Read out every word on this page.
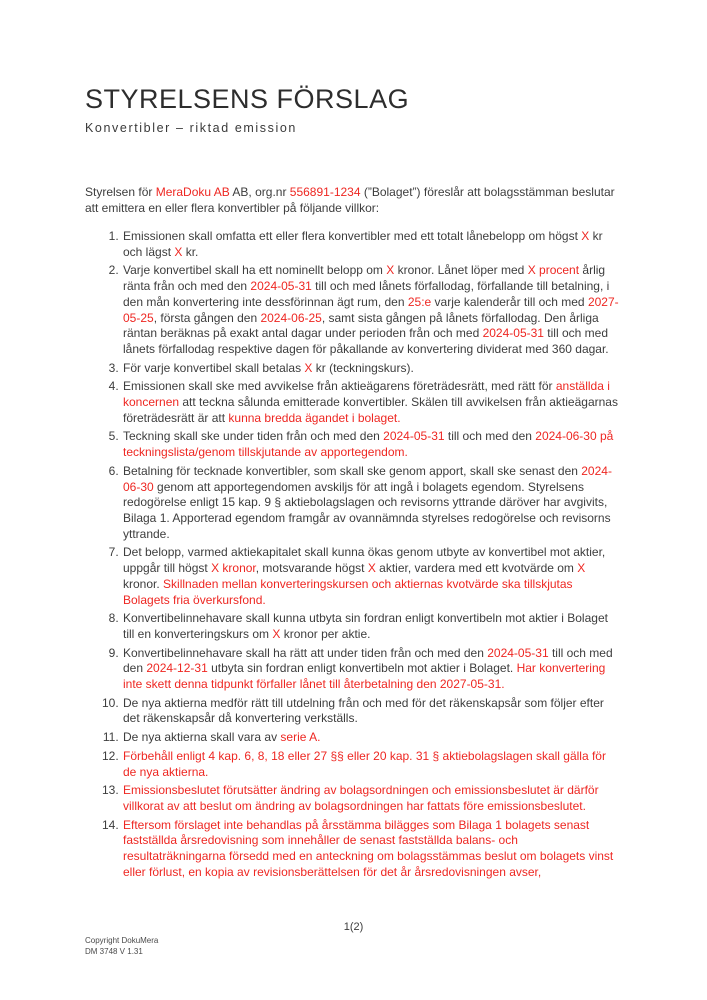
STYRELSENS FÖRSLAG
Konvertibler – riktad emission

Styrelsen för MeraDoku AB AB, org.nr 556891-1234 (”Bolaget”) föreslår att bolagsstämman beslutar att emittera en eller flera konvertibler på följande villkor:

1. Emissionen skall omfatta ett eller flera konvertibler med ett totalt lånebelopp om högst X kr och lägst X kr.
2. Varje konvertibel skall ha ett nominellt belopp om X kronor. Lånet löper med X procent årlig ränta från och med den 2024-05-31 till och med lånets förfallodag, förfallande till betalning, i den mån konvertering inte dessförinnan ägt rum, den 25:e varje kalenderår till och med 2027-05-25, första gången den 2024-06-25, samt sista gången på lånets förfallodag. Den årliga räntan beräknas på exakt antal dagar under perioden från och med 2024-05-31 till och med lånets förfallodag respektive dagen för påkallande av konvertering dividerat med 360 dagar.
3. För varje konvertibel skall betalas X kr (teckningskurs).
4. Emissionen skall ske med avvikelse från aktieägarens företrädesrätt, med rätt för anställda i koncernen att teckna sålunda emitterade konvertibler. Skälen till avvikelsen från aktieägarnas företrädesrätt är att kunna bredda ägandet i bolaget.
5. Teckning skall ske under tiden från och med den 2024-05-31 till och med den 2024-06-30 på teckningslista/genom tillskjutande av apportegendom.
6. Betalning för tecknade konvertibler, som skall ske genom apport, skall ske senast den 2024-06-30 genom att apportegendomen avskiljs för att ingå i bolagets egendom. Styrelsens redogörelse enligt 15 kap. 9 § aktiebolagslagen och revisorns yttrande däröver har avgivits, Bilaga 1. Apporterad egendom framgår av ovannämnda styrelses redogörelse och revisorns yttrande.
7. Det belopp, varmed aktiekapitalet skall kunna ökas genom utbyte av konvertibel mot aktier, uppgår till högst X kronor, motsvarande högst X aktier, vardera med ett kvotvärde om X kronor. Skillnaden mellan konverteringskursen och aktiernas kvotvärde ska tillskjutas Bolagets fria överkursfond.
8. Konvertibelinnehavare skall kunna utbyta sin fordran enligt konvertibeln mot aktier i Bolaget till en konverteringskurs om X kronor per aktie.
9. Konvertibelinnehavare skall ha rätt att under tiden från och med den 2024-05-31 till och med den 2024-12-31 utbyta sin fordran enligt konvertibeln mot aktier i Bolaget. Har konvertering inte skett denna tidpunkt förfaller lånet till återbetalning den 2027-05-31.
10. De nya aktierna medför rätt till utdelning från och med för det räkenskapsår som följer efter det räkenskapsår då konvertering verkställs.
11. De nya aktierna skall vara av serie A.
12. Förbehåll enligt 4 kap. 6, 8, 18 eller 27 §§ eller 20 kap. 31 § aktiebolagslagen skall gälla för de nya aktierna.
13. Emissionsbeslutet förutsätter ändring av bolagsordningen och emissionsbeslutet är därför villkorat av att beslut om ändring av bolagsordningen har fattats före emissionsbeslutet.
14. Eftersom förslaget inte behandlas på årsstämma bilägges som Bilaga 1 bolagets senast fastställda årsredovisning som innehåller de senast fastställda balans- och resultaträkningarna försedd med en anteckning om bolagsstämmas beslut om bolagets vinst eller förlust, en kopia av revisionsberättelsen för det år årsredovisningen avser,
1(2)
Copyright DokuMera
DM 3748 V 1.31
